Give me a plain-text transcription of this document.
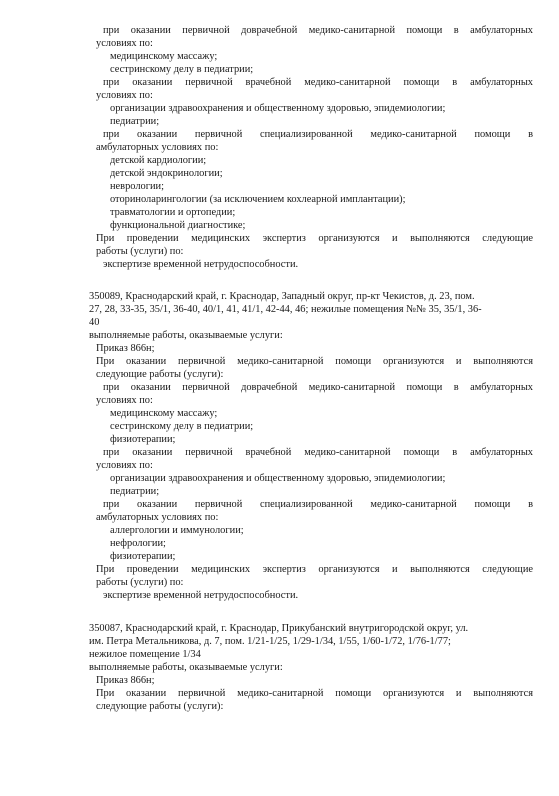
при оказании первичной доврачебной медико-санитарной помощи в амбулаторных
условиях по:
медицинскому массажу;
сестринскому делу в педиатрии;
при оказании первичной врачебной медико-санитарной помощи в амбулаторных
условиях по:
организации здравоохранения и общественному здоровью, эпидемиологии;
педиатрии;
при оказании первичной специализированной медико-санитарной помощи в
амбулаторных условиях по:
детской кардиологии;
детской эндокринологии;
неврологии;
оториноларингологии (за исключением кохлеарной имплантации);
травматологии и ортопедии;
функциональной диагностике;
При проведении медицинских экспертиз организуются и выполняются следующие
работы (услуги) по:
экспертизе временной нетрудоспособности.
350089, Краснодарский край, г. Краснодар, Западный округ, пр-кт Чекистов, д. 23, пом.
27, 28, 33-35, 35/1, 36-40, 40/1, 41, 41/1, 42-44, 46; нежилые помещения №№ 35, 35/1, 36-
40
выполняемые работы, оказываемые услуги:
Приказ 866н;
При оказании первичной медико-санитарной помощи организуются и выполняются
следующие работы (услуги):
при оказании первичной доврачебной медико-санитарной помощи в амбулаторных
условиях по:
медицинскому массажу;
сестринскому делу в педиатрии;
физиотерапии;
при оказании первичной врачебной медико-санитарной помощи в амбулаторных
условиях по:
организации здравоохранения и общественному здоровью, эпидемиологии;
педиатрии;
при оказании первичной специализированной медико-санитарной помощи в
амбулаторных условиях по:
аллергологии и иммунологии;
нефрологии;
физиотерапии;
При проведении медицинских экспертиз организуются и выполняются следующие
работы (услуги) по:
экспертизе временной нетрудоспособности.
350087, Краснодарский край, г. Краснодар, Прикубанский внутригородской округ, ул.
им. Петра Метальникова, д. 7, пом. 1/21-1/25, 1/29-1/34, 1/55, 1/60-1/72, 1/76-1/77;
нежилое помещение 1/34
выполняемые работы, оказываемые услуги:
Приказ 866н;
При оказании первичной медико-санитарной помощи организуются и выполняются
следующие работы (услуги):
